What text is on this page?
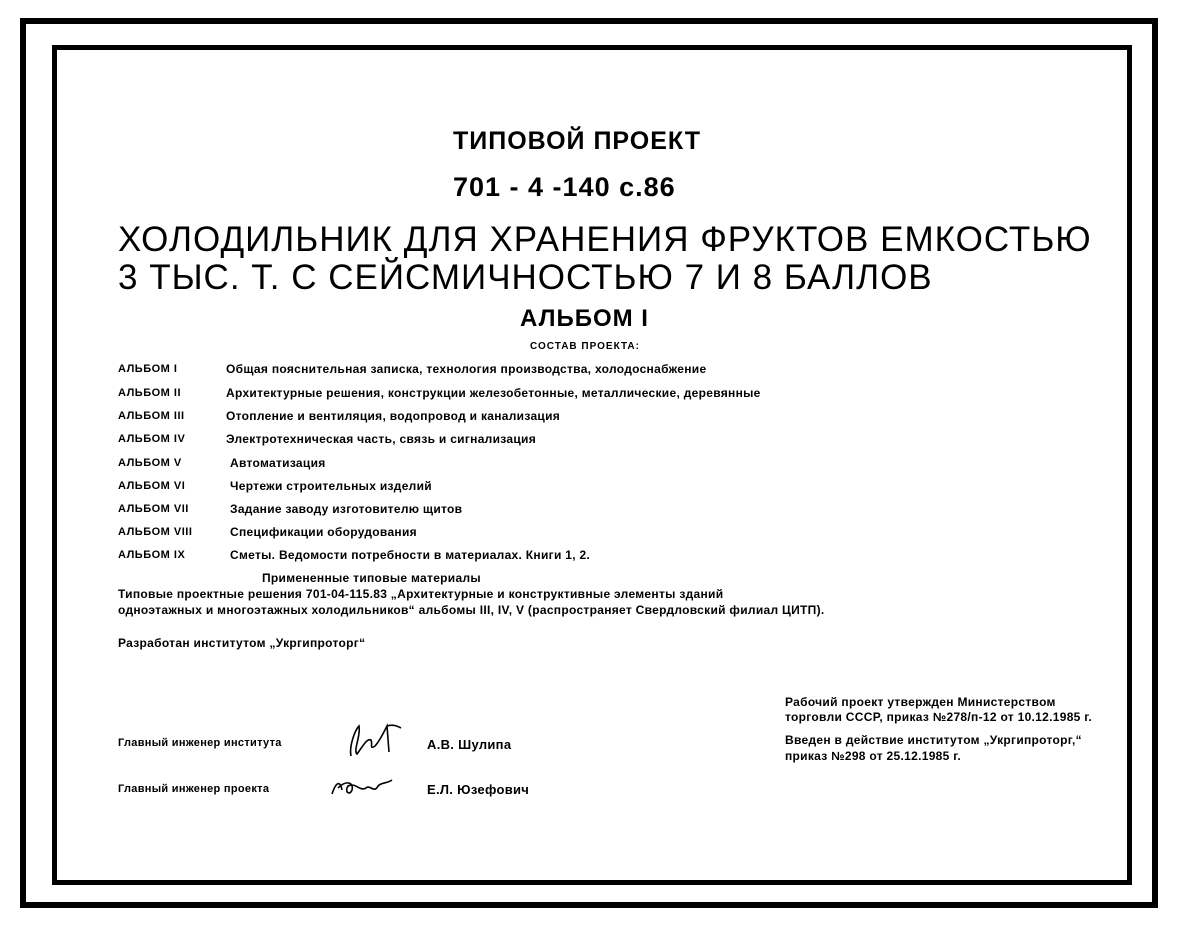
ТИПОВОЙ ПРОЕКТ
701 - 4 -140 с.86
ХОЛОДИЛЬНИК ДЛЯ ХРАНЕНИЯ ФРУКТОВ ЕМКОСТЬЮ
3 ТЫС. Т. С СЕЙСМИЧНОСТЬЮ 7 И 8 БАЛЛОВ
АЛЬБОМ I
СОСТАВ ПРОЕКТА:
АЛЬБОМ I	Общая пояснительная записка, технология производства, холодоснабжение
АЛЬБОМ II	Архитектурные решения, конструкции железобетонные, металлические, деревянные
АЛЬБОМ III	Отопление и вентиляция, водопровод и канализация
АЛЬБОМ IV	Электротехническая часть, связь и сигнализация
АЛЬБОМ V	Автоматизация
АЛЬБОМ VI	Чертежи строительных изделий
АЛЬБОМ VII	Задание заводу изготовителю щитов
АЛЬБОМ VIII	Спецификации оборудования
АЛЬБОМ IX	Сметы. Ведомости потребности в материалах. Книги 1, 2.
Примененные типовые материалы
Типовые проектные решения 701-04-115.83 „Архитектурные и конструктивные элементы зданий
одноэтажных и многоэтажных холодильников“ альбомы III, IV, V (распространяет Свердловский филиал ЦИТП).
Разработан институтом „Укргипроторг“
Рабочий проект утвержден Министерством
торговли СССР, приказ №278/п-12 от 10.12.1985 г.
Введен в действие институтом „Укргипроторг,“
приказ №298 от 25.12.1985 г.
Главный инженер института	А.В. Шулипа
Главный инженер проекта	Е.Л. Юзефович
